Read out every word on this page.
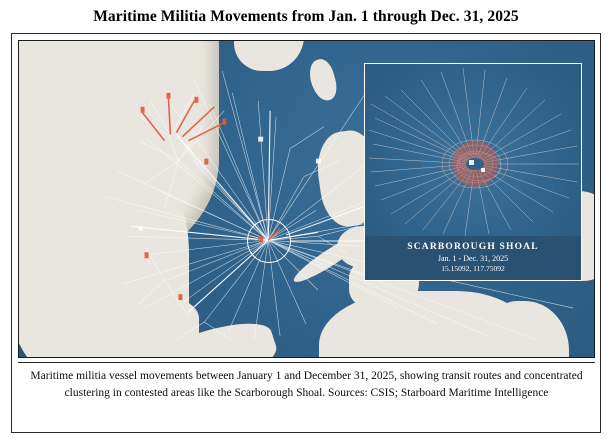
Maritime Militia Movements from Jan. 1 through Dec. 31, 2025
SCARBOROUGH SHOAL
Jan. 1 - Dec. 31, 2025
15.15092, 117.75092
Maritime militia vessel movements between January 1 and December 31, 2025, showing transit routes and concentrated clustering in contested areas like the Scarborough Shoal. Sources: CSIS; Starboard Maritime Intelligence
